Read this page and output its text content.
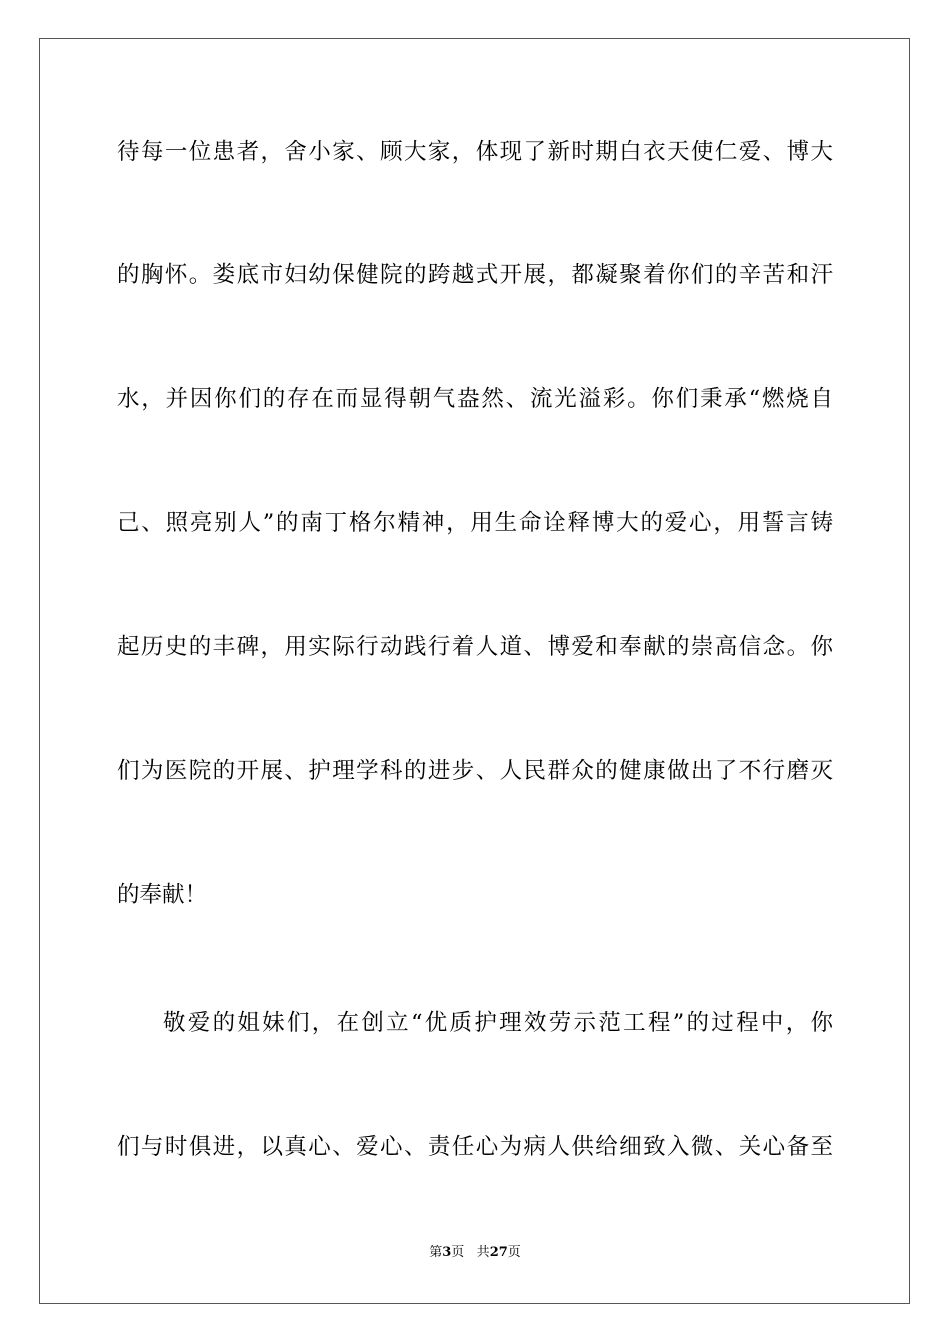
待每一位患者，舍小家、顾大家，体现了新时期白衣天使仁爱、博大
的胸怀。娄底市妇幼保健院的跨越式开展，都凝聚着你们的辛苦和汗
水，并因你们的存在而显得朝气盎然、流光溢彩。你们秉承“燃烧自
己、照亮别人”的南丁格尔精神，用生命诠释博大的爱心，用誓言铸
起历史的丰碑，用实际行动践行着人道、博爱和奉献的崇高信念。你
们为医院的开展、护理学科的进步、人民群众的健康做出了不行磨灭
的奉献！
敬爱的姐妹们，在创立“优质护理效劳示范工程”的过程中，你
们与时俱进，以真心、爱心、责任心为病人供给细致入微、关心备至
第3页 共27页
